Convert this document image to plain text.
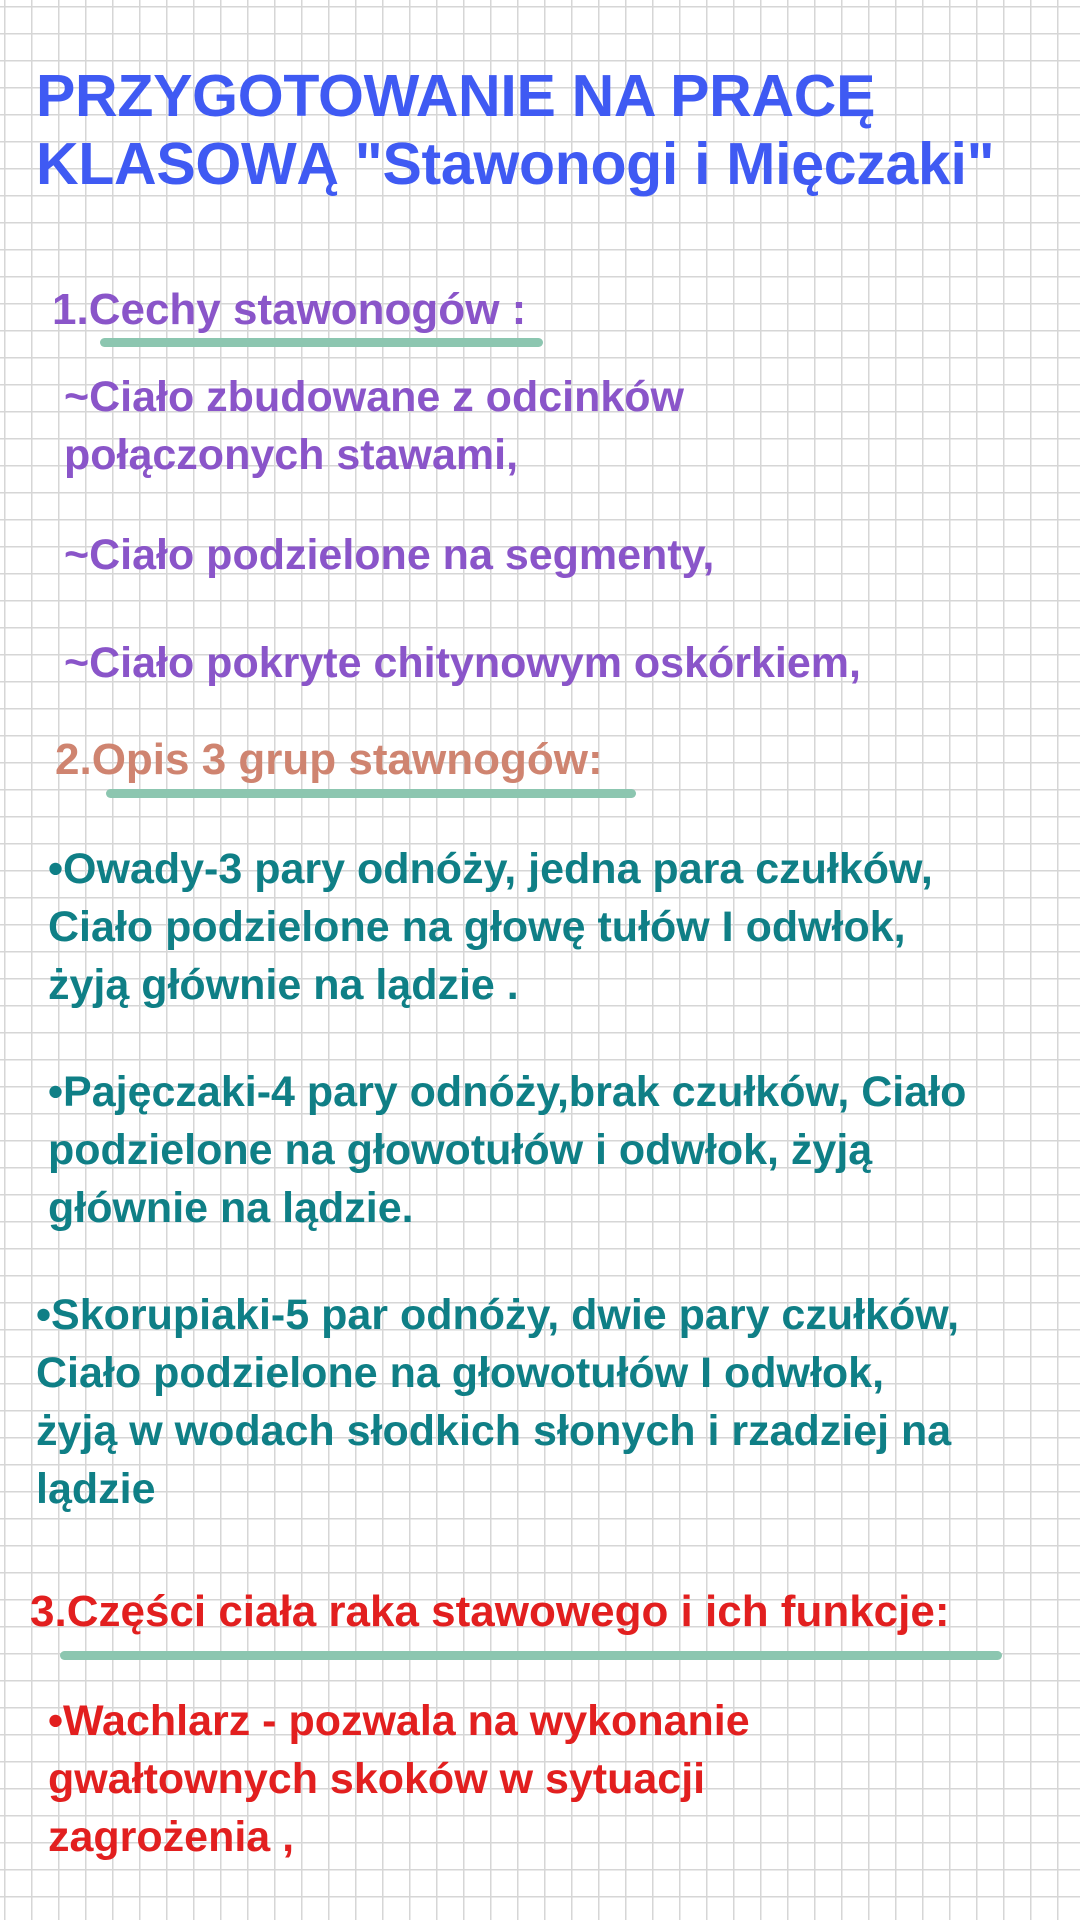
PRZYGOTOWANIE NA PRACĘ
KLASOWĄ "Stawonogi i Mięczaki"
1.Cechy stawonogów :

~Ciało zbudowane z odcinków
połączonych stawami,

~Ciało podzielone na segmenty,

~Ciało pokryte chitynowym oskórkiem,

2.Opis 3 grup stawnogów:

•Owady-3 pary odnóży, jedna para czułków,
Ciało podzielone na głowę tułów I odwłok,
żyją głównie na lądzie .

•Pajęczaki-4 pary odnóży,brak czułków, Ciało
podzielone na głowotułów i odwłok, żyją
głównie na lądzie.

•Skorupiaki-5 par odnóży, dwie pary czułków,
Ciało podzielone na głowotułów I odwłok,
żyją w wodach słodkich słonych i rzadziej na
lądzie

3.Części ciała raka stawowego i ich funkcje:

•Wachlarz - pozwala na wykonanie
gwałtownych skoków w sytuacji
zagrożenia ,
